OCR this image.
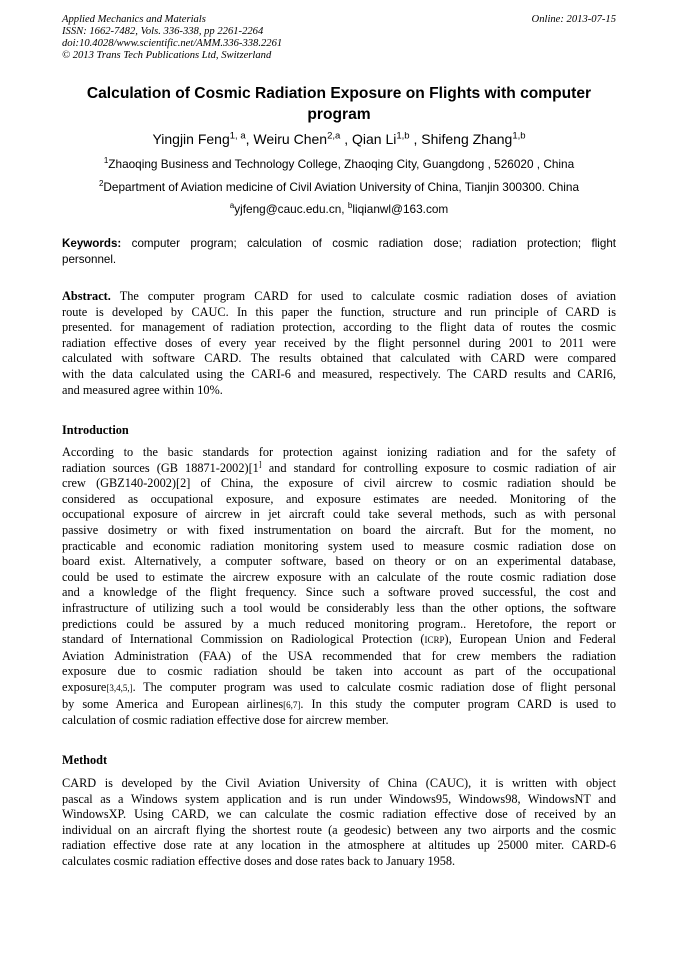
Applied Mechanics and Materials
ISSN: 1662-7482, Vols. 336-338, pp 2261-2264
doi:10.4028/www.scientific.net/AMM.336-338.2261
© 2013 Trans Tech Publications Ltd, Switzerland
Online: 2013-07-15
Calculation of Cosmic Radiation Exposure on Flights with computer
program
Yingjin Feng$^{1, a}$, Weiru Chen$^{2,a}$ , Qian Li$^{1,b}$ , Shifeng Zhang$^{1,b}$
$^1$Zhaoqing Business and Technology College, Zhaoqing City, Guangdong , 526020 , China
$^2$Department of Aviation medicine of Civil Aviation University of China, Tianjin 300300. China
$^a$yjfeng@cauc.edu.cn, $^b$liqianwl@163.com
Keywords: computer program; calculation of cosmic radiation dose; radiation protection; flight
personnel.
Abstract. The computer program CARD for used to calculate cosmic radiation doses of aviation
route is developed by CAUC. In this paper the function, structure and run principle of CARD is
presented. for management of radiation protection, according to the flight data of routes the cosmic
radiation effective doses of every year received by the flight personnel during 2001 to 2011 were
calculated with software CARD. The results obtained that calculated with CARD were compared
with the data calculated using the CARI-6 and measured, respectively. The CARD results and CARI6,
and measured agree within 10%.
Introduction
According to the basic standards for protection against ionizing radiation and for the safety of
radiation sources (GB 18871-2002)[1] and standard for controlling exposure to cosmic radiation of air
crew (GBZ140-2002)[2] of China, the exposure of civil aircrew to cosmic radiation should be
considered as occupational exposure, and exposure estimates are needed. Monitoring of the
occupational exposure of aircrew in jet aircraft could take several methods, such as with personal
passive dosimetry or with fixed instrumentation on board the aircraft. But for the moment, no
practicable and economic radiation monitoring system used to measure cosmic radiation dose on
board exist. Alternatively, a computer software, based on theory or on an experimental database,
could be used to estimate the aircrew exposure with an calculate of the route cosmic radiation dose
and a knowledge of the flight frequency. Since such a software proved successful, the cost and
infrastructure of utilizing such a tool would be considerably less than the other options, the software
predictions could be assured by a much reduced monitoring program.. Heretofore, the report or
standard of International Commission on Radiological Protection (ICRP), European Union and Federal
Aviation Administration (FAA) of the USA recommended that for crew members the radiation
exposure due to cosmic radiation should be taken into account as part of the occupational
exposure[3,4,5,]. The computer program was used to calculate cosmic radiation dose of flight personal
by some America and European airlines[6,7]. In this study the computer program CARD is used to
calculation of cosmic radiation effective dose for aircrew member.
Methodt
CARD is developed by the Civil Aviation University of China (CAUC), it is written with object
pascal as a Windows system application and is run under Windows95, Windows98, WindowsNT and
WindowsXP. Using CARD, we can calculate the cosmic radiation effective dose of received by an
individual on an aircraft flying the shortest route (a geodesic) between any two airports and the cosmic
radiation effective dose rate at any location in the atmosphere at altitudes up 25000 miter. CARD-6
calculates cosmic radiation effective doses and dose rates back to January 1958.
